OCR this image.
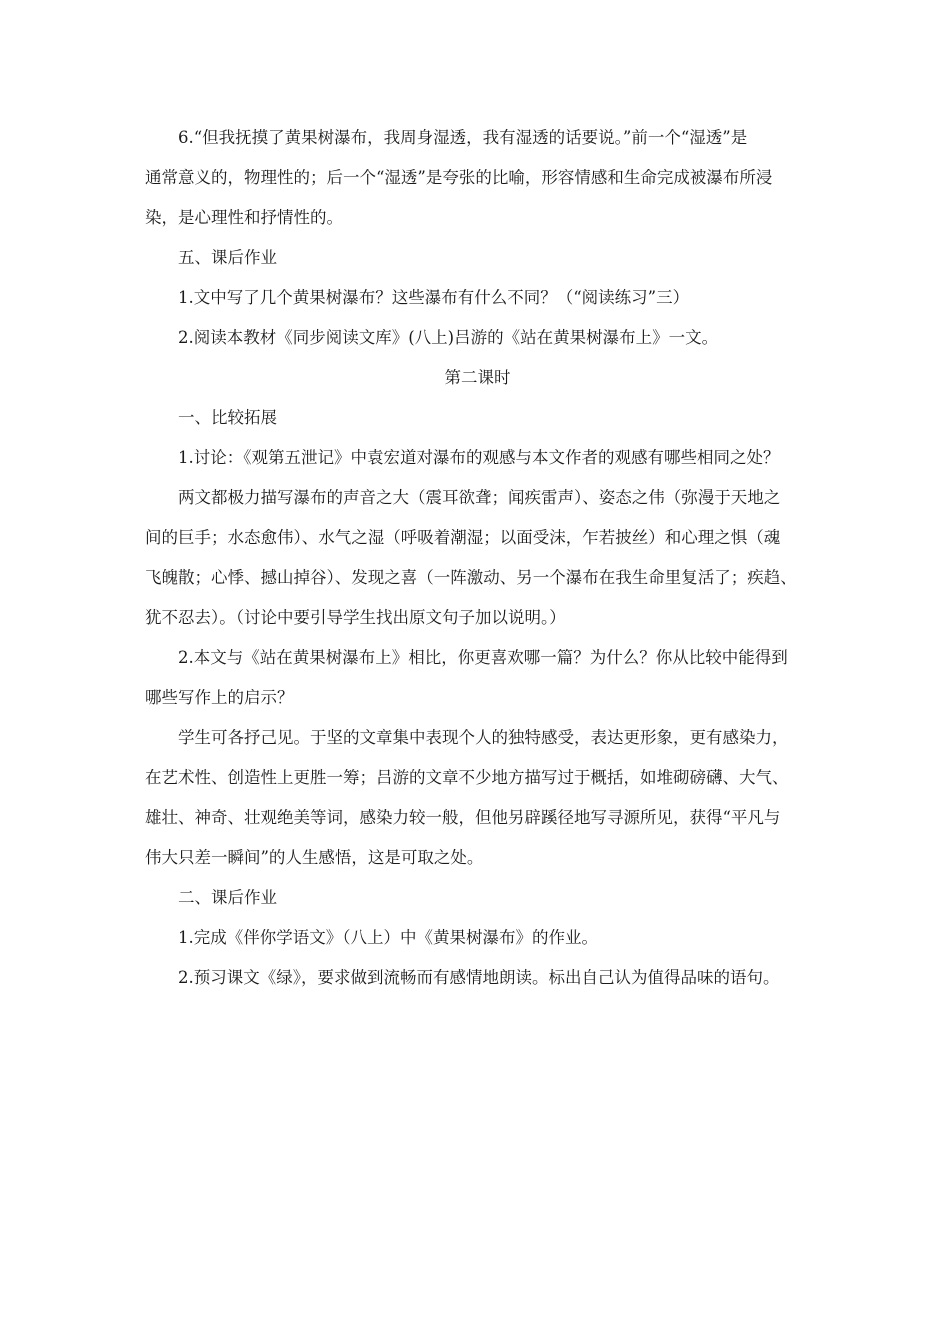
6.“但我抚摸了黄果树瀑布，我周身湿透，我有湿透的话要说。”前一个“湿透”是

通常意义的，物理性的；后一个“湿透”是夸张的比喻，形容情感和生命完成被瀑布所浸

染，是心理性和抒情性的。

五、课后作业

1.文中写了几个黄果树瀑布？这些瀑布有什么不同？（“阅读练习”三）

2.阅读本教材《同步阅读文库》(八上)吕游的《站在黄果树瀑布上》一文。

第二课时

一、比较拓展

1.讨论：《观第五泄记》中袁宏道对瀑布的观感与本文作者的观感有哪些相同之处？

两文都极力描写瀑布的声音之大（震耳欲聋；闻疾雷声）、姿态之伟（弥漫于天地之

间的巨手；水态愈伟）、水气之湿（呼吸着潮湿；以面受沫，乍若披丝）和心理之惧（魂

飞魄散；心悸、撼山掉谷）、发现之喜（一阵激动、另一个瀑布在我生命里复活了；疾趋、

犹不忍去）。（讨论中要引导学生找出原文句子加以说明。）

2.本文与《站在黄果树瀑布上》相比，你更喜欢哪一篇？为什么？你从比较中能得到

哪些写作上的启示？

学生可各抒己见。于坚的文章集中表现个人的独特感受，表达更形象，更有感染力，

在艺术性、创造性上更胜一筹；吕游的文章不少地方描写过于概括，如堆砌磅礴、大气、

雄壮、神奇、壮观绝美等词，感染力较一般，但他另辟蹊径地写寻源所见，获得“平凡与

伟大只差一瞬间”的人生感悟，这是可取之处。

二、课后作业

1.完成《伴你学语文》（八上）中《黄果树瀑布》的作业。

2.预习课文《绿》，要求做到流畅而有感情地朗读。标出自己认为值得品味的语句。
